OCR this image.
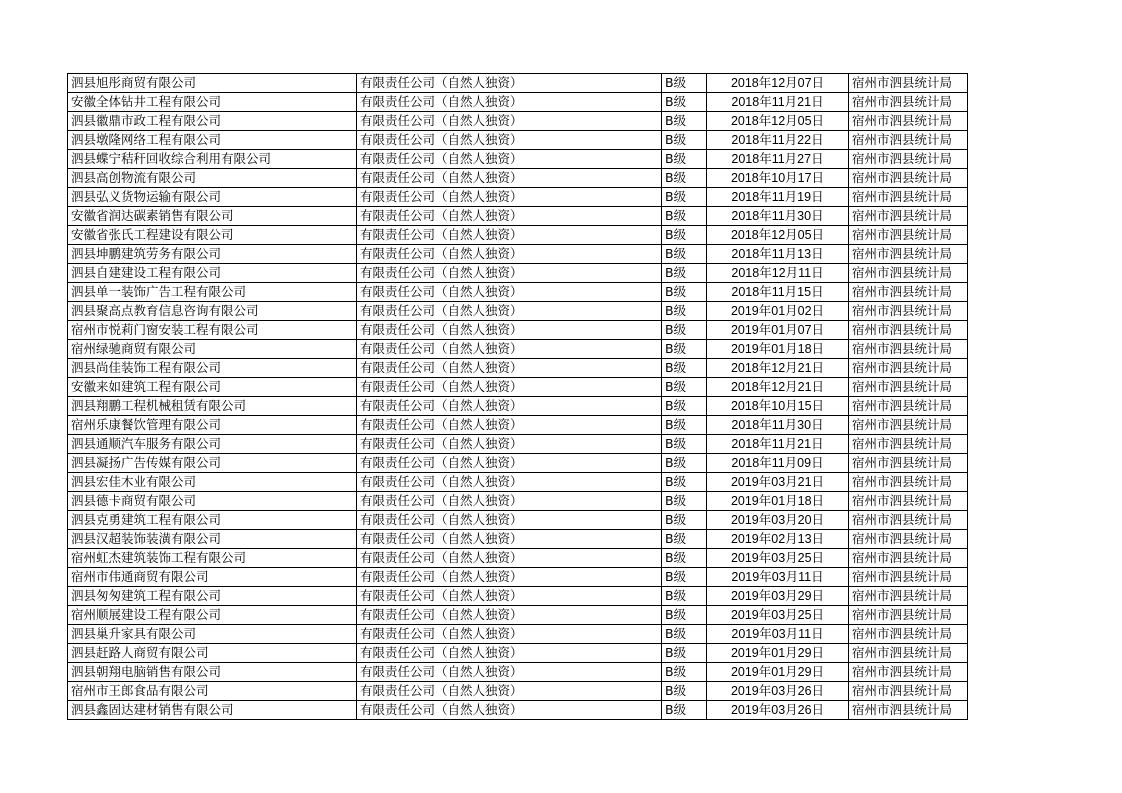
泗县旭彤商贸有限公司	有限责任公司（自然人独资）	B级	2018年12月07日	宿州市泗县统计局
安徽全体钻井工程有限公司	有限责任公司（自然人独资）	B级	2018年11月21日	宿州市泗县统计局
泗县徽鼎市政工程有限公司	有限责任公司（自然人独资）	B级	2018年12月05日	宿州市泗县统计局
泗县墩隆网络工程有限公司	有限责任公司（自然人独资）	B级	2018年11月22日	宿州市泗县统计局
泗县蝶宁秸秆回收综合利用有限公司	有限责任公司（自然人独资）	B级	2018年11月27日	宿州市泗县统计局
泗县高创物流有限公司	有限责任公司（自然人独资）	B级	2018年10月17日	宿州市泗县统计局
泗县弘义货物运输有限公司	有限责任公司（自然人独资）	B级	2018年11月19日	宿州市泗县统计局
安徽省润达碳素销售有限公司	有限责任公司（自然人独资）	B级	2018年11月30日	宿州市泗县统计局
安徽省张氏工程建设有限公司	有限责任公司（自然人独资）	B级	2018年12月05日	宿州市泗县统计局
泗县坤鹏建筑劳务有限公司	有限责任公司（自然人独资）	B级	2018年11月13日	宿州市泗县统计局
泗县自建建设工程有限公司	有限责任公司（自然人独资）	B级	2018年12月11日	宿州市泗县统计局
泗县单一装饰广告工程有限公司	有限责任公司（自然人独资）	B级	2018年11月15日	宿州市泗县统计局
泗县聚高点教育信息咨询有限公司	有限责任公司（自然人独资）	B级	2019年01月02日	宿州市泗县统计局
宿州市悦莉门窗安装工程有限公司	有限责任公司（自然人独资）	B级	2019年01月07日	宿州市泗县统计局
宿州绿驰商贸有限公司	有限责任公司（自然人独资）	B级	2019年01月18日	宿州市泗县统计局
泗县尚佳装饰工程有限公司	有限责任公司（自然人独资）	B级	2018年12月21日	宿州市泗县统计局
安徽来如建筑工程有限公司	有限责任公司（自然人独资）	B级	2018年12月21日	宿州市泗县统计局
泗县翔鹏工程机械租赁有限公司	有限责任公司（自然人独资）	B级	2018年10月15日	宿州市泗县统计局
宿州乐康餐饮管理有限公司	有限责任公司（自然人独资）	B级	2018年11月30日	宿州市泗县统计局
泗县通顺汽车服务有限公司	有限责任公司（自然人独资）	B级	2018年11月21日	宿州市泗县统计局
泗县凝扬广告传媒有限公司	有限责任公司（自然人独资）	B级	2018年11月09日	宿州市泗县统计局
泗县宏佳木业有限公司	有限责任公司（自然人独资）	B级	2019年03月21日	宿州市泗县统计局
泗县德卡商贸有限公司	有限责任公司（自然人独资）	B级	2019年01月18日	宿州市泗县统计局
泗县克勇建筑工程有限公司	有限责任公司（自然人独资）	B级	2019年03月20日	宿州市泗县统计局
泗县汉超装饰装潢有限公司	有限责任公司（自然人独资）	B级	2019年02月13日	宿州市泗县统计局
宿州虹杰建筑装饰工程有限公司	有限责任公司（自然人独资）	B级	2019年03月25日	宿州市泗县统计局
宿州市伟通商贸有限公司	有限责任公司（自然人独资）	B级	2019年03月11日	宿州市泗县统计局
泗县匆匆建筑工程有限公司	有限责任公司（自然人独资）	B级	2019年03月29日	宿州市泗县统计局
宿州顺展建设工程有限公司	有限责任公司（自然人独资）	B级	2019年03月25日	宿州市泗县统计局
泗县巢升家具有限公司	有限责任公司（自然人独资）	B级	2019年03月11日	宿州市泗县统计局
泗县赶路人商贸有限公司	有限责任公司（自然人独资）	B级	2019年01月29日	宿州市泗县统计局
泗县朝翔电脑销售有限公司	有限责任公司（自然人独资）	B级	2019年01月29日	宿州市泗县统计局
宿州市王郎食品有限公司	有限责任公司（自然人独资）	B级	2019年03月26日	宿州市泗县统计局
泗县鑫固达建材销售有限公司	有限责任公司（自然人独资）	B级	2019年03月26日	宿州市泗县统计局
